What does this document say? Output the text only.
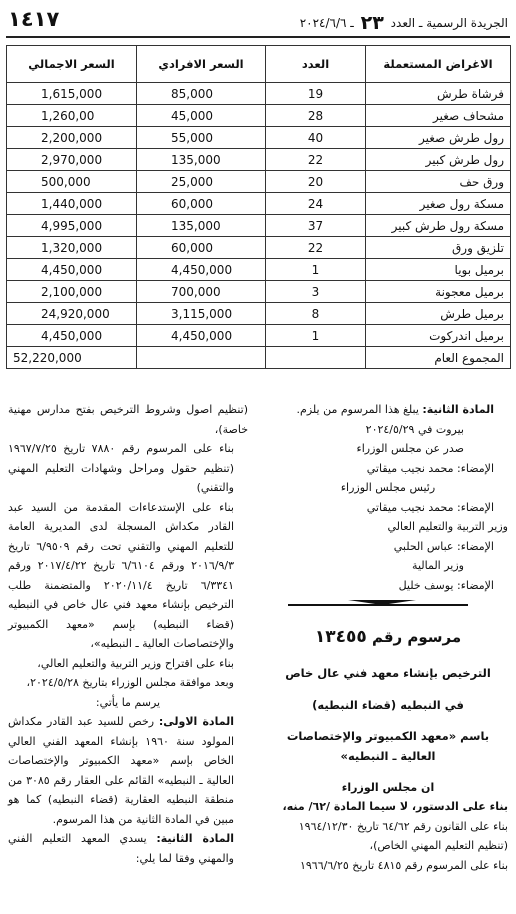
الجريدة الرسمية ـ العدد ٢٣ ـ ٢٠٢٤/٦/٦
١٤١٧
الاغراض المستعملة	العدد	السعر الافرادي	السعر الاجمالي
فرشاة طرش	19	85,000	1,615,000
مشحاف صغير	28	45,000	1,260,00
رول طرش صغير	40	55,000	2,200,000
رول طرش كبير	22	135,000	2,970,000
ورق حف	20	25,000	500,000
مسكة رول صغير	24	60,000	1,440,000
مسكة رول طرش كبير	37	135,000	4,995,000
تلزيق ورق	22	60,000	1,320,000
برميل بويا	1	4,450,000	4,450,000
برميل معجونة	3	700,000	2,100,000
برميل طرش	8	3,115,000	24,920,000
برميل اندركوت	1	4,450,000	4,450,000
المجموع العام			52,220,000

المادة الثانية: يبلغ هذا المرسوم من يلزم.

بيروت في ٢٠٢٤/٥/٢٩

صدر عن مجلس الوزراء

الإمضاء: محمد نجيب ميقاتي

رئيس مجلس الوزراء

الإمضاء: محمد نجيب ميقاتي

وزير التربية والتعليم العالي

الإمضاء: عباس الحلبي

وزير المالية

الإمضاء: يوسف خليل

مرسوم رقم ١٣٤٥٥

الترخيص بإنشاء معهد فني عال خاص

في النبطيه (قضاء النبطيه)

باسم «معهد الكمبيوتر والإختصاصات العالية ـ النبطيه»

ان مجلس الوزراء

بناء على الدستور، لا سيما المادة /٦٢/ منه،

بناء على القانون رقم ٦٤/٦٢ تاريخ ١٩٦٤/١٢/٣٠

(تنظيم التعليم المهني الخاص)،

بناء على المرسوم رقم ٤٨١٥ تاريخ ١٩٦٦/٦/٢٥

(تنظيم اصول وشروط الترخيص بفتح مدارس مهنية خاصة)،

بناء على المرسوم رقم ٧٨٨٠ تاريخ ١٩٦٧/٧/٢٥ (تنظيم حقول ومراحل وشهادات التعليم المهني والتقني)

بناء على الإستدعاءات المقدمة من السيد عبد القادر مكداش المسجلة لدى المديرية العامة للتعليم المهني والتقني تحت رقم ٦/٩٥٠٩ تاريخ ٢٠١٦/٩/٣ ورقم ٦/٦١٠٤ تاريخ ٢٠١٧/٤/٢٢ ورقم ٦/٣٣٤١ تاريخ ٢٠٢٠/١١/٤ والمتضمنة طلب الترخيص بإنشاء معهد فني عال خاص في النبطيه (قضاء النبطيه) بإسم «معهد الكمبيوتر والإختصاصات العالية ـ النبطيه»،

بناء على اقتراح وزير التربية والتعليم العالي،

وبعد موافقة مجلس الوزراء بتاريخ ٢٠٢٤/٥/٢٨،

يرسم ما يأتي:

المادة الاولى: رخص للسيد عبد القادر مكداش المولود سنة ١٩٦٠ بإنشاء المعهد الفني العالي الخاص بإسم «معهد الكمبيوتر والإختصاصات العالية ـ النبطيه» القائم على العقار رقم ٣٠٨٥ من منطقة النبطيه العقارية (قضاء النبطيه) كما هو مبين في المادة الثانية من هذا المرسوم.

المادة الثانية: يسدي المعهد التعليم الفني والمهني وفقا لما يلي:
